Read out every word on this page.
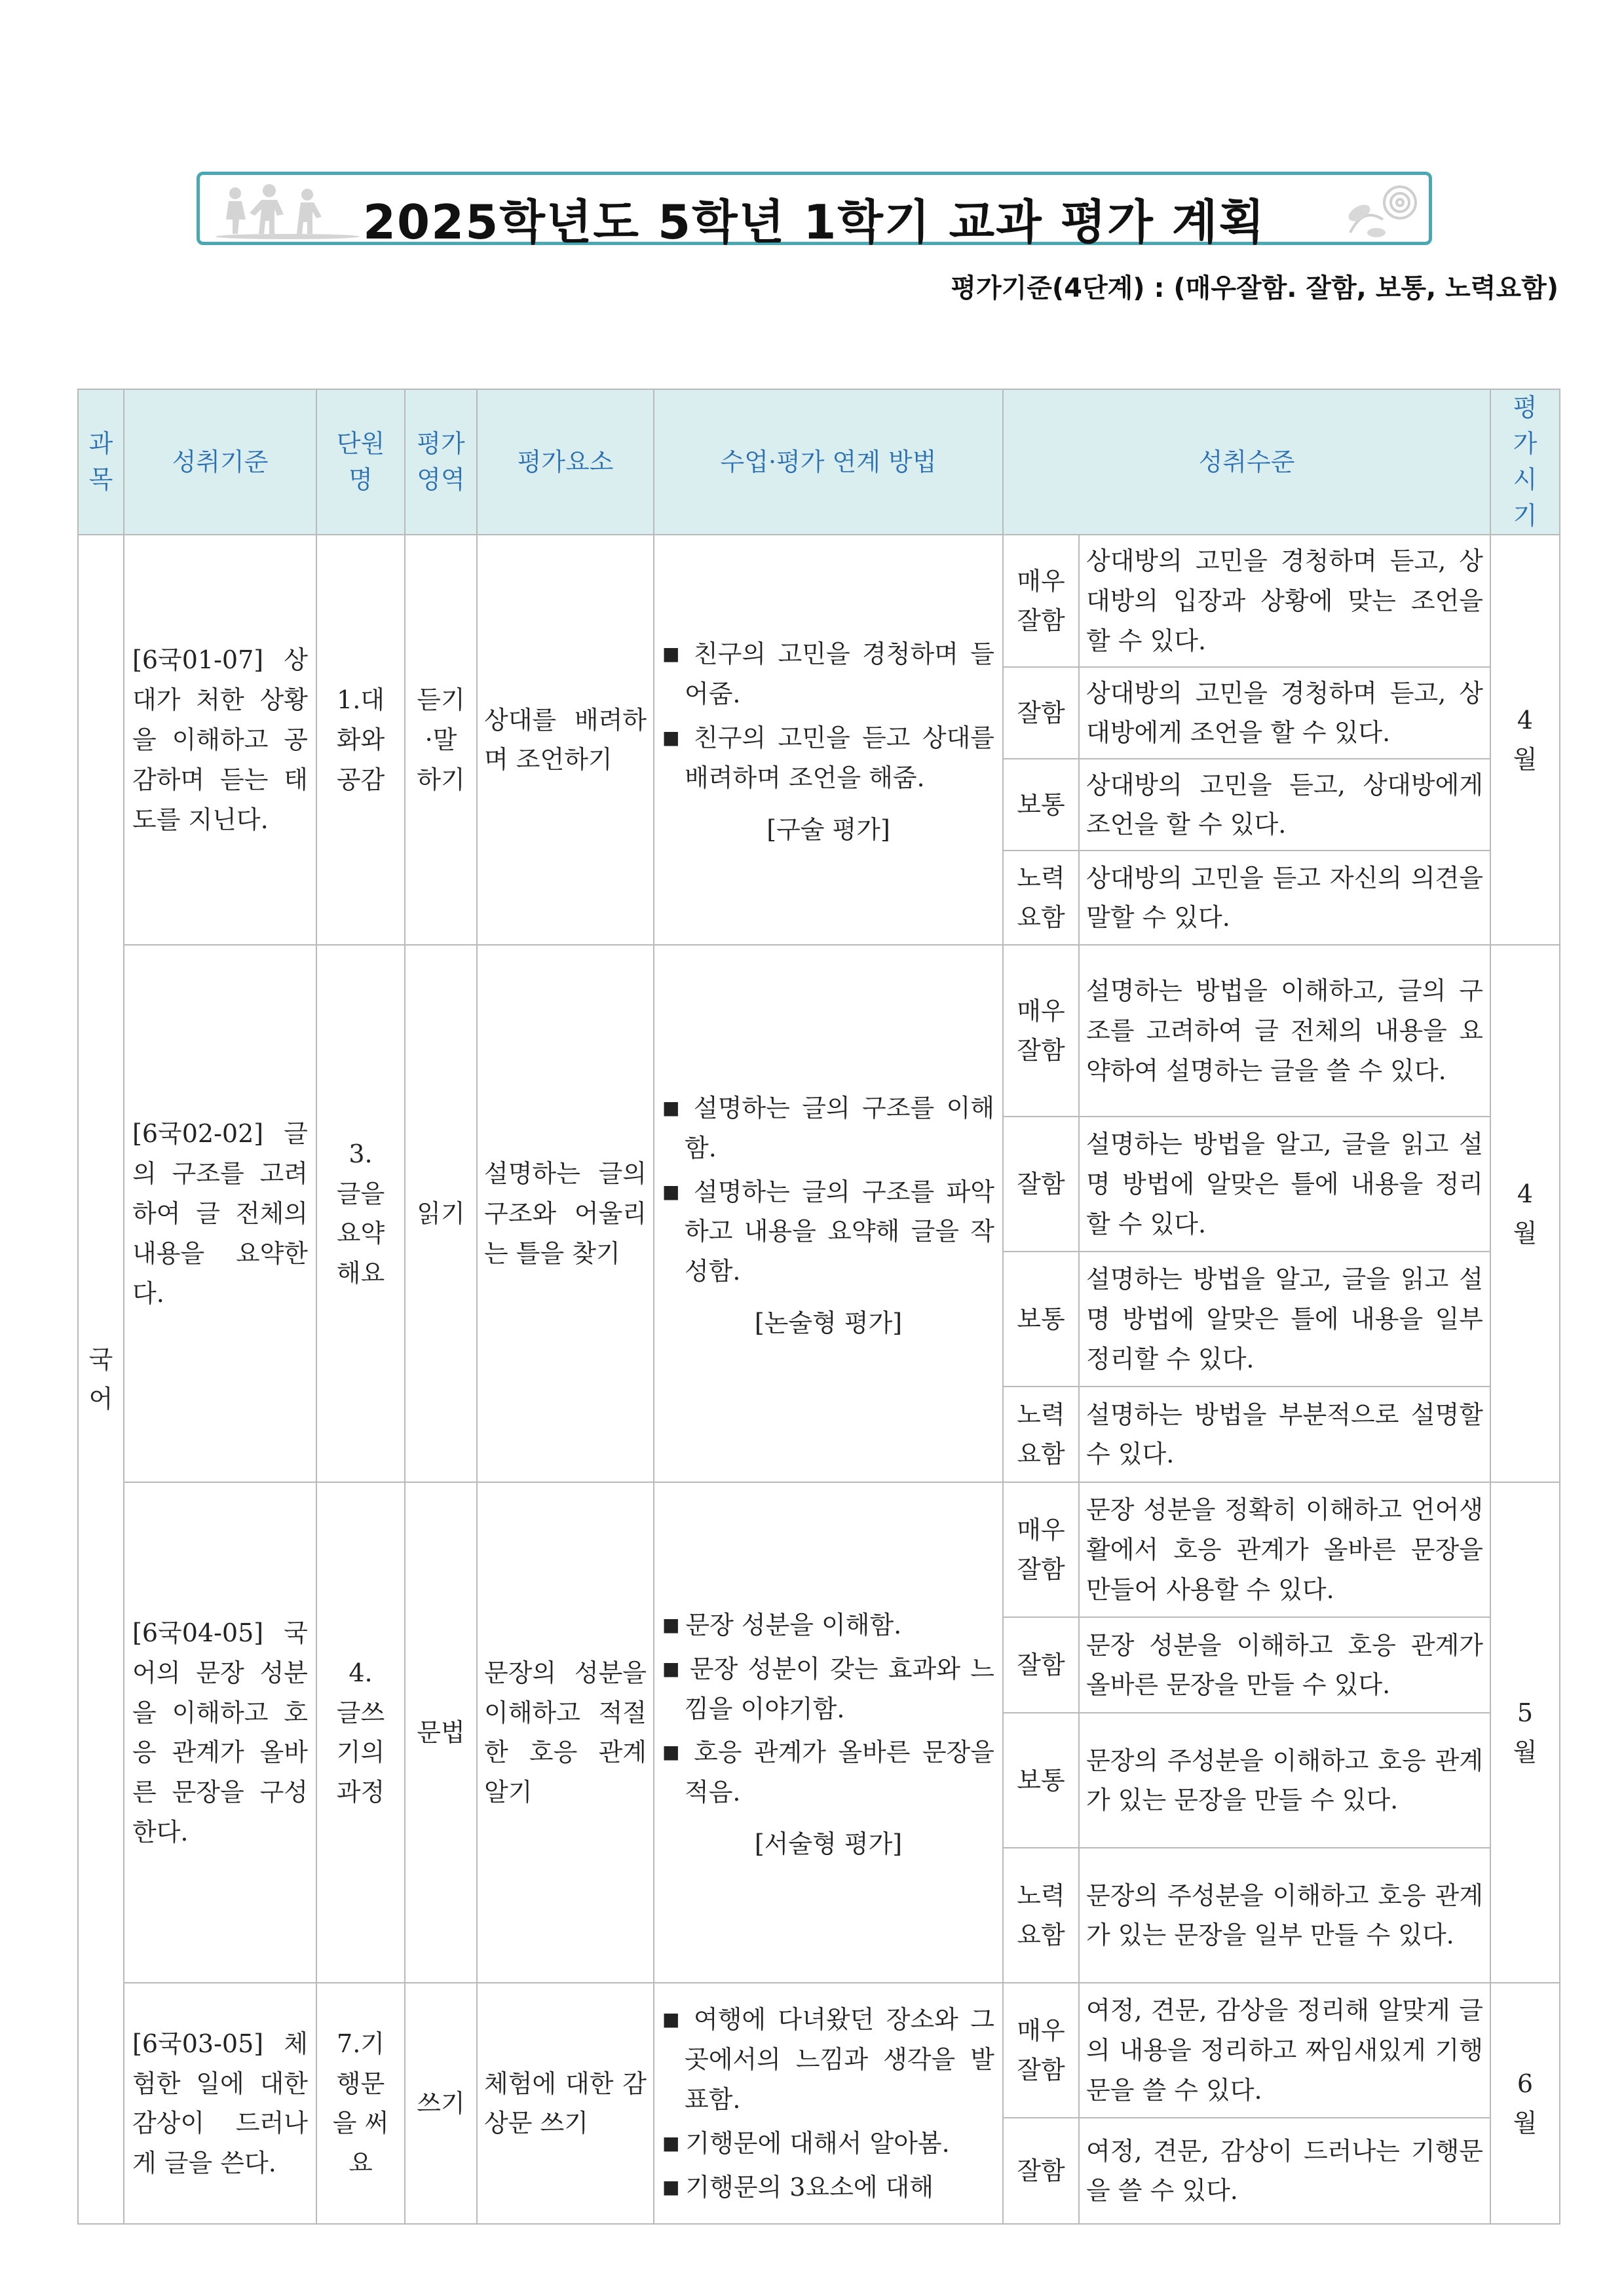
2025학년도 5학년 1학기 교과 평가 계획
평가기준(4단계) : (매우잘함. 잘함, 보통, 노력요함)
과목	성취기준	단원명	평가영역	평가요소	수업·평가 연계 방법	성취수준		평가시기
국어	[6국01-07] 상대가 처한 상황을 이해하고 공감하며 듣는 태도를 지닌다.	1.대화와 공감	듣기·말하기	상대를 배려하며 조언하기	■ 친구의 고민을 경청하며 들어줌.
■ 친구의 고민을 듣고 상대를 배려하며 조언을 해줌.
[구술 평가]	매우잘함	상대방의 고민을 경청하며 듣고, 상대방의 입장과 상황에 맞는 조언을 할 수 있다.	4월
						잘함	상대방의 고민을 경청하며 듣고, 상대방에게 조언을 할 수 있다.	
						보통	상대방의 고민을 듣고, 상대방에게 조언을 할 수 있다.	
						노력요함	상대방의 고민을 듣고 자신의 의견을 말할 수 있다.	
	[6국02-02] 글의 구조를 고려하여 글 전체의 내용을 요약한다.	3. 글을 요약해요	읽기	설명하는 글의 구조와 어울리는 틀을 찾기	■ 설명하는 글의 구조를 이해함.
■ 설명하는 글의 구조를 파악하고 내용을 요약해 글을 작성함.
[논술형 평가]	매우잘함	설명하는 방법을 이해하고, 글의 구조를 고려하여 글 전체의 내용을 요약하여 설명하는 글을 쓸 수 있다.	4월
						잘함	설명하는 방법을 알고, 글을 읽고 설명 방법에 알맞은 틀에 내용을 정리할 수 있다.	
						보통	설명하는 방법을 알고, 글을 읽고 설명 방법에 알맞은 틀에 내용을 일부 정리할 수 있다.	
						노력요함	설명하는 방법을 부분적으로 설명할 수 있다.	
	[6국04-05] 국어의 문장 성분을 이해하고 호응 관계가 올바른 문장을 구성한다.	4. 글쓰기의 과정	문법	문장의 성분을 이해하고 적절한 호응 관계 알기	■ 문장 성분을 이해함.
■ 문장 성분이 갖는 효과와 느낌을 이야기함.
■ 호응 관계가 올바른 문장을 적음.
[서술형 평가]	매우잘함	문장 성분을 정확히 이해하고 언어생활에서 호응 관계가 올바른 문장을 만들어 사용할 수 있다.	5월
						잘함	문장 성분을 이해하고 호응 관계가 올바른 문장을 만들 수 있다.	
						보통	문장의 주성분을 이해하고 호응 관계가 있는 문장을 만들 수 있다.	
						노력요함	문장의 주성분을 이해하고 호응 관계가 있는 문장을 일부 만들 수 있다.	
	[6국03-05] 체험한 일에 대한 감상이 드러나게 글을 쓴다.	7.기행문을 써요	쓰기	체험에 대한 감상문 쓰기	■ 여행에 다녀왔던 장소와 그곳에서의 느낌과 생각을 발표함.
■ 기행문에 대해서 알아봄.
■ 기행문의 3요소에 대해	매우잘함	여정, 견문, 감상을 정리해 알맞게 글의 내용을 정리하고 짜임새있게 기행문을 쓸 수 있다.	6월
						잘함	여정, 견문, 감상이 드러나는 기행문을 쓸 수 있다.	
